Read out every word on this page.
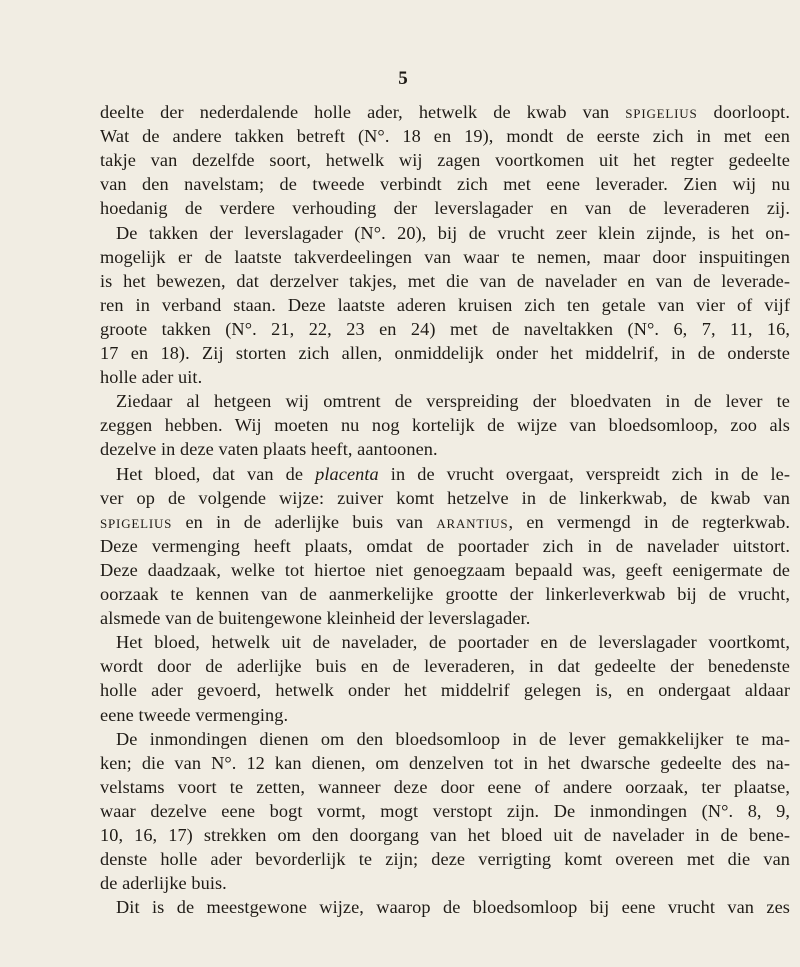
5
deelte der nederdalende holle ader, hetwelk de kwab van spigelius doorloopt.
Wat de andere takken betreft (N°. 18 en 19), mondt de eerste zich in met een
takje van dezelfde soort, hetwelk wij zagen voortkomen uit het regter gedeelte
van den navelstam; de tweede verbindt zich met eene leverader. Zien wij nu
hoedanig de verdere verhouding der leverslagader en van de leveraderen zij.
De takken der leverslagader (N°. 20), bij de vrucht zeer klein zijnde, is het on-
mogelijk er de laatste takverdeelingen van waar te nemen, maar door inspuitingen
is het bewezen, dat derzelver takjes, met die van de navelader en van de leverade-
ren in verband staan. Deze laatste aderen kruisen zich ten getale van vier of vijf
groote takken (N°. 21, 22, 23 en 24) met de naveltakken (N°. 6, 7, 11, 16,
17 en 18). Zij storten zich allen, onmiddelijk onder het middelrif, in de onderste
holle ader uit.
Ziedaar al hetgeen wij omtrent de verspreiding der bloedvaten in de lever te
zeggen hebben. Wij moeten nu nog kortelijk de wijze van bloedsomloop, zoo als
dezelve in deze vaten plaats heeft, aantoonen.
Het bloed, dat van de placenta in de vrucht overgaat, verspreidt zich in de le-
ver op de volgende wijze: zuiver komt hetzelve in de linkerkwab, de kwab van
spigelius en in de aderlijke buis van arantius, en vermengd in de regterkwab.
Deze vermenging heeft plaats, omdat de poortader zich in de navelader uitstort.
Deze daadzaak, welke tot hiertoe niet genoegzaam bepaald was, geeft eenigermate de
oorzaak te kennen van de aanmerkelijke grootte der linkerleverkwab bij de vrucht,
alsmede van de buitengewone kleinheid der leverslagader.
Het bloed, hetwelk uit de navelader, de poortader en de leverslagader voortkomt,
wordt door de aderlijke buis en de leveraderen, in dat gedeelte der benedenste
holle ader gevoerd, hetwelk onder het middelrif gelegen is, en ondergaat aldaar
eene tweede vermenging.
De inmondingen dienen om den bloedsomloop in de lever gemakkelijker te ma-
ken; die van N°. 12 kan dienen, om denzelven tot in het dwarsche gedeelte des na-
velstams voort te zetten, wanneer deze door eene of andere oorzaak, ter plaatse,
waar dezelve eene bogt vormt, mogt verstopt zijn. De inmondingen (N°. 8, 9,
10, 16, 17) strekken om den doorgang van het bloed uit de navelader in de bene-
denste holle ader bevorderlijk te zijn; deze verrigting komt overeen met die van
de aderlijke buis.
Dit is de meestgewone wijze, waarop de bloedsomloop bij eene vrucht van zes
